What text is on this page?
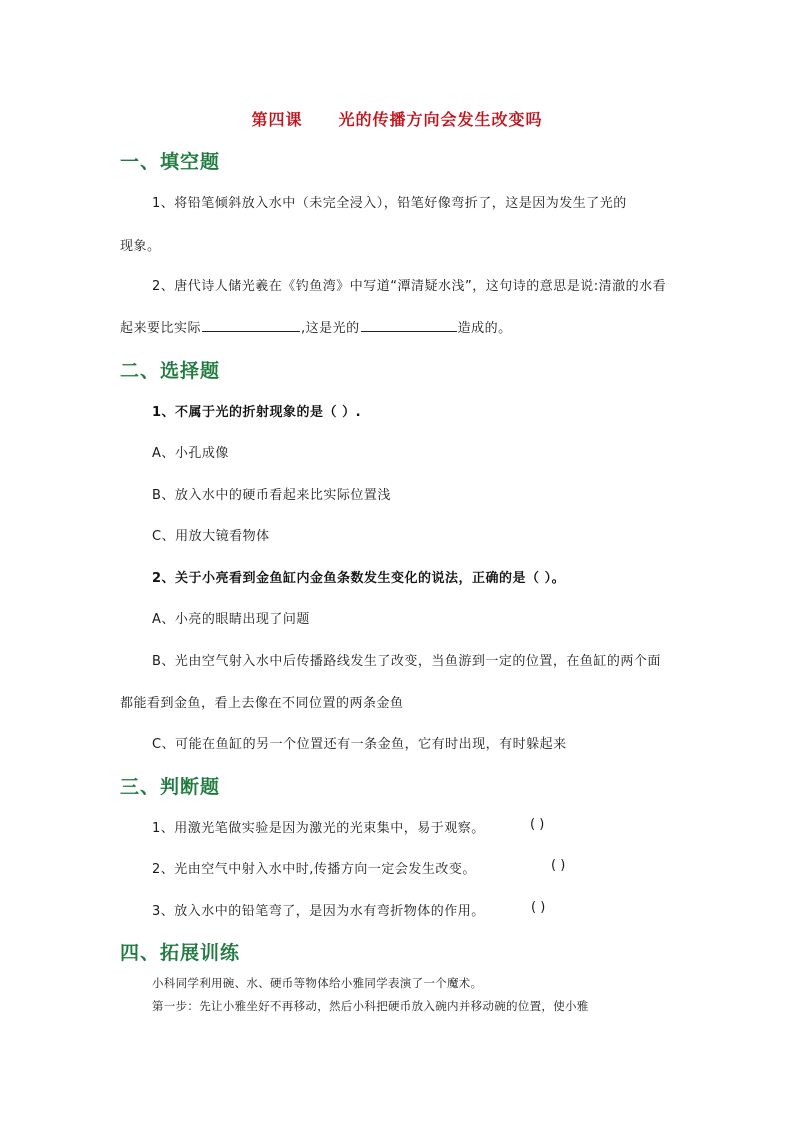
第四课 光的传播方向会发生改变吗
一、填空题
1、将铅笔倾斜放入水中（未完全浸入），铅笔好像弯折了，这是因为发生了光的
现象。
2、唐代诗人储光羲在《钓鱼湾》中写道“潭清疑水浅”，这句诗的意思是说:清澈的水看
起来要比实际	,这是光的	造成的。
二、选择题
1、不属于光的折射现象的是（ ）.
A、小孔成像
B、放入水中的硬币看起来比实际位置浅
C、用放大镜看物体
2、关于小亮看到金鱼缸内金鱼条数发生变化的说法，正确的是（ ）。
A、小亮的眼睛出现了问题
B、光由空气射入水中后传播路线发生了改变，当鱼游到一定的位置，在鱼缸的两个面
都能看到金鱼，看上去像在不同位置的两条金鱼
C、可能在鱼缸的另一个位置还有一条金鱼，它有时出现，有时躲起来
三、判断题
1、用激光笔做实验是因为激光的光束集中，易于观察。	( )
2、光由空气中射入水中时,传播方向一定会发生改变。	( )
3、放入水中的铅笔弯了，是因为水有弯折物体的作用。	( )
四、拓展训练
小科同学利用碗、水、硬币等物体给小雅同学表演了一个魔术。
第一步：先让小雅坐好不再移动，然后小科把硬币放入碗内并移动碗的位置，使小雅
